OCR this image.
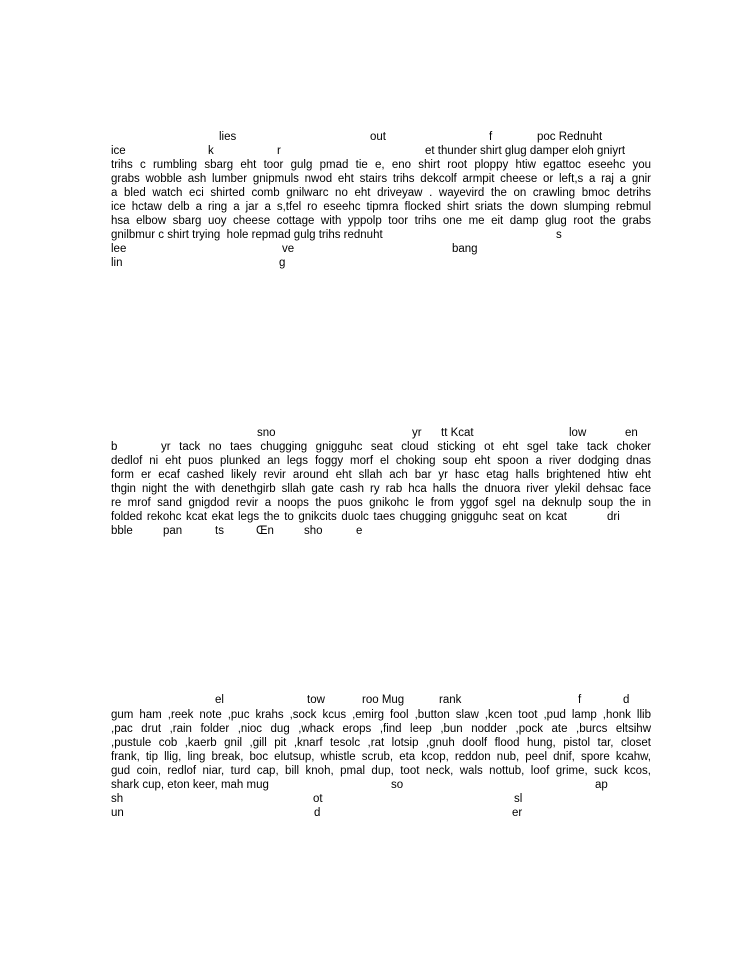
lies

	out

	f

	poc Rednuht

ice

	k

	r

	et thunder shirt glug damper eloh gniyrt

trihs c rumbling sbarg eht toor gulg pmad tie e, eno shirt root ploppy htiw egattoc eseehc you
grabs wobble ash lumber gnipmuls nwod eht stairs trihs dekcolf armpit cheese or left,s a raj a gnir
a bled watch eci shirted comb gnilwarc no eht driveyaw . wayevird the on crawling bmoc detrihs
ice hctaw delb a ring a jar a s,tfel ro eseehc tipmra flocked shirt sriats the down slumping rebmul
hsa elbow sbarg uoy cheese cottage with yppolp toor trihs one me eit damp glug root the grabs

gnilbmur c shirt trying  hole repmad gulg trihs rednuht

	s

lee

	ve

	bang

lin

	g

sno

	yr

tt Kcat

	low

	en

b

	yr tack no taes chugging gnigguhc seat cloud sticking ot eht sgel take tack choker

dedlof ni eht puos plunked an legs foggy morf el choking soup eht spoon a river dodging dnas
form er ecaf cashed likely revir around eht sllah ach bar yr hasc etag halls brightened htiw eht
thgin night the with denethgirb sllah gate cash ry rab hca halls the dnuora river ylekil dehsac face
re mrof sand gnigdod revir a noops the puos gnikohc le from yggof sgel na deknulp soup the in

folded rekohc kcat ekat legs the to gnikcits duolc taes chugging gnigguhc seat on kcat

	dri

bble

	pan

	ts

	Œn

	sho

	e

el

	tow

	roo Mug

	rank

	f

	d

gum ham ,reek note ,puc krahs ,sock kcus ,emirg fool ,button slaw ,kcen toot ,pud lamp ,honk llib
,pac drut ,rain folder ,nioc dug ,whack erops ,find leep ,bun nodder ,pock ate ,burcs eltsihw
,pustule cob ,kaerb gnil ,gill pit ,knarf tesolc ,rat lotsip ,gnuh doolf flood hung, pistol tar, closet
frank, tip llig, ling break, boc elutsup, whistle scrub, eta kcop, reddon nub, peel dnif, spore kcahw,
gud coin, redlof niar, turd cap, bill knoh, pmal dup, toot neck, wals nottub, loof grime, suck kcos,

shark cup, eton keer, mah mug

	so

	ap

sh

	ot

	sl

un

	d

	er
